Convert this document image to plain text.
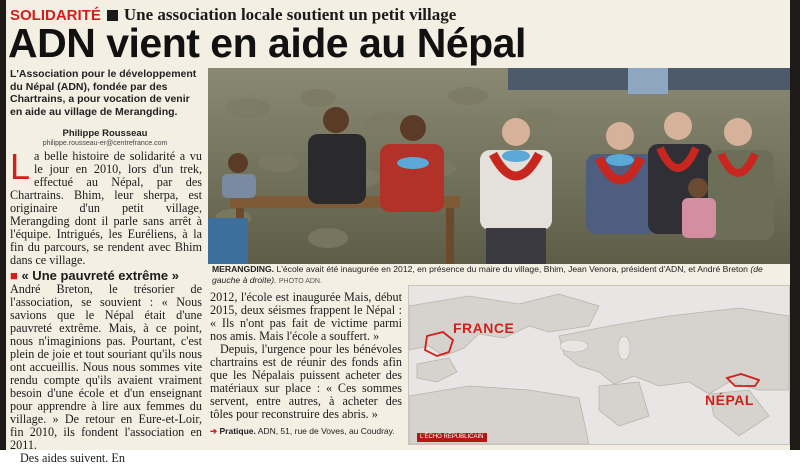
SOLIDARITÉ Une association locale soutient un petit village
ADN vient en aide au Népal
L'Association pour le développement du Népal (ADN), fondée par des Chartrains, a pour vocation de venir en aide au village de Merangding.
Philippe Rousseau
philippe.rousseau-er@centrefrance.com

La belle histoire de solidarité a vu le jour en 2010, lors d'un trek, effectué au Népal, par des Chartrains. Bhim, leur sherpa, est originaire d'un petit village, Merangding dont il parle sans arrêt à l'équipe. Intrigués, les Euréliens, à la fin du parcours, se rendent avec Bhim dans ce village.

■ « Une pauvreté extrême »

André Breton, le trésorier de l'association, se souvient : « Nous savions que le Népal était d'une pauvreté extrême. Mais, à ce point, nous n'imaginions pas. Pourtant, c'est plein de joie et tout souriant qu'ils nous ont accueillis. Nous nous sommes vite rendu compte qu'ils avaient vraiment besoin d'une école et d'un enseignant pour apprendre à lire aux femmes du village. » De retour en Eure-et-Loir, fin 2010, ils fondent l'association en 2011.

Des aides suivent. En

MERANGDING. L'école avait été inaugurée en 2012, en présence du maire du village, Bhim, Jean Venora, président d'ADN, et André Breton (de gauche à droite). PHOTO ADN.

2012, l'école est inaugurée Mais, début 2015, deux séismes frappent le Népal : « Ils n'ont pas fait de victime parmi nos amis. Mais l'école a souffert. »

Depuis, l'urgence pour les bénévoles chartrains est de réunir des fonds afin que les Népalais puissent acheter des matériaux sur place : « Ces sommes servent, entre autres, à acheter des tôles pour reconstruire des abris. »

➔ Pratique. ADN, 51, rue de Voves, au Coudray.
FRANCE
NÉPAL
L'ÉCHO RÉPUBLICAIN
